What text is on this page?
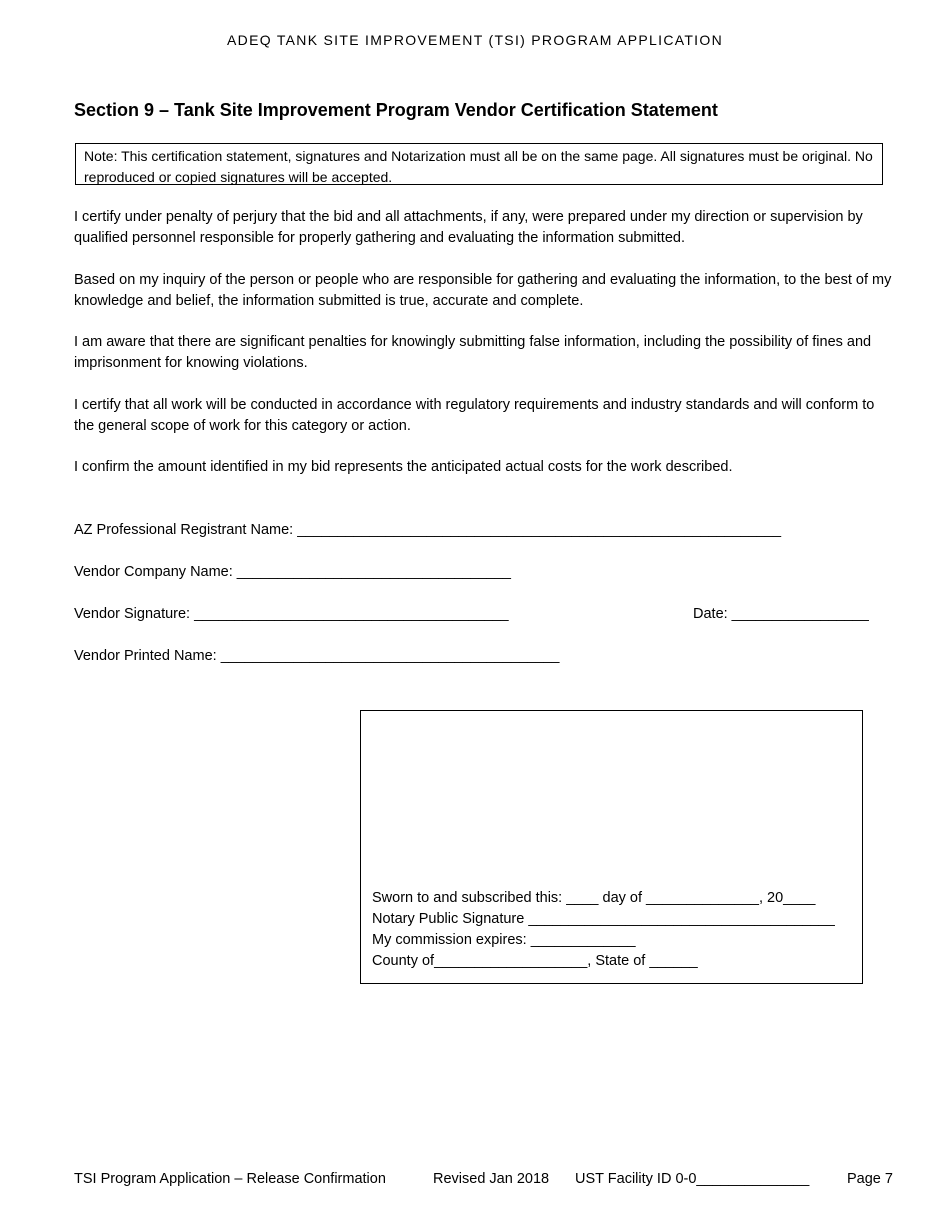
ADEQ TANK SITE IMPROVEMENT (TSI) PROGRAM APPLICATION
Section 9 – Tank Site Improvement Program Vendor Certification Statement
Note: This certification statement, signatures and Notarization must all be on the same page. All signatures must be original. No reproduced or copied signatures will be accepted.
I certify under penalty of perjury that the bid and all attachments, if any, were prepared under my direction or supervision by qualified personnel responsible for properly gathering and evaluating the information submitted.
Based on my inquiry of the person or people who are responsible for gathering and evaluating the information, to the best of my knowledge and belief, the information submitted is true, accurate and complete.
I am aware that there are significant penalties for knowingly submitting false information, including the possibility of fines and imprisonment for knowing violations.
I certify that all work will be conducted in accordance with regulatory requirements and industry standards and will conform to the general scope of work for this category or action.
I confirm the amount identified in my bid represents the anticipated actual costs for the work described.
AZ Professional Registrant Name: ____________________________________________________________
Vendor Company Name: __________________________________
Vendor Signature: _______________________________________	Date: _________________
Vendor Printed Name: __________________________________________
Sworn to and subscribed this: ____ day of ______________, 20____
Notary Public Signature ______________________________________
My commission expires: _____________
County of___________________, State of ______
TSI Program Application – Release Confirmation	Revised Jan 2018 UST Facility ID 0-0______________	Page 7
